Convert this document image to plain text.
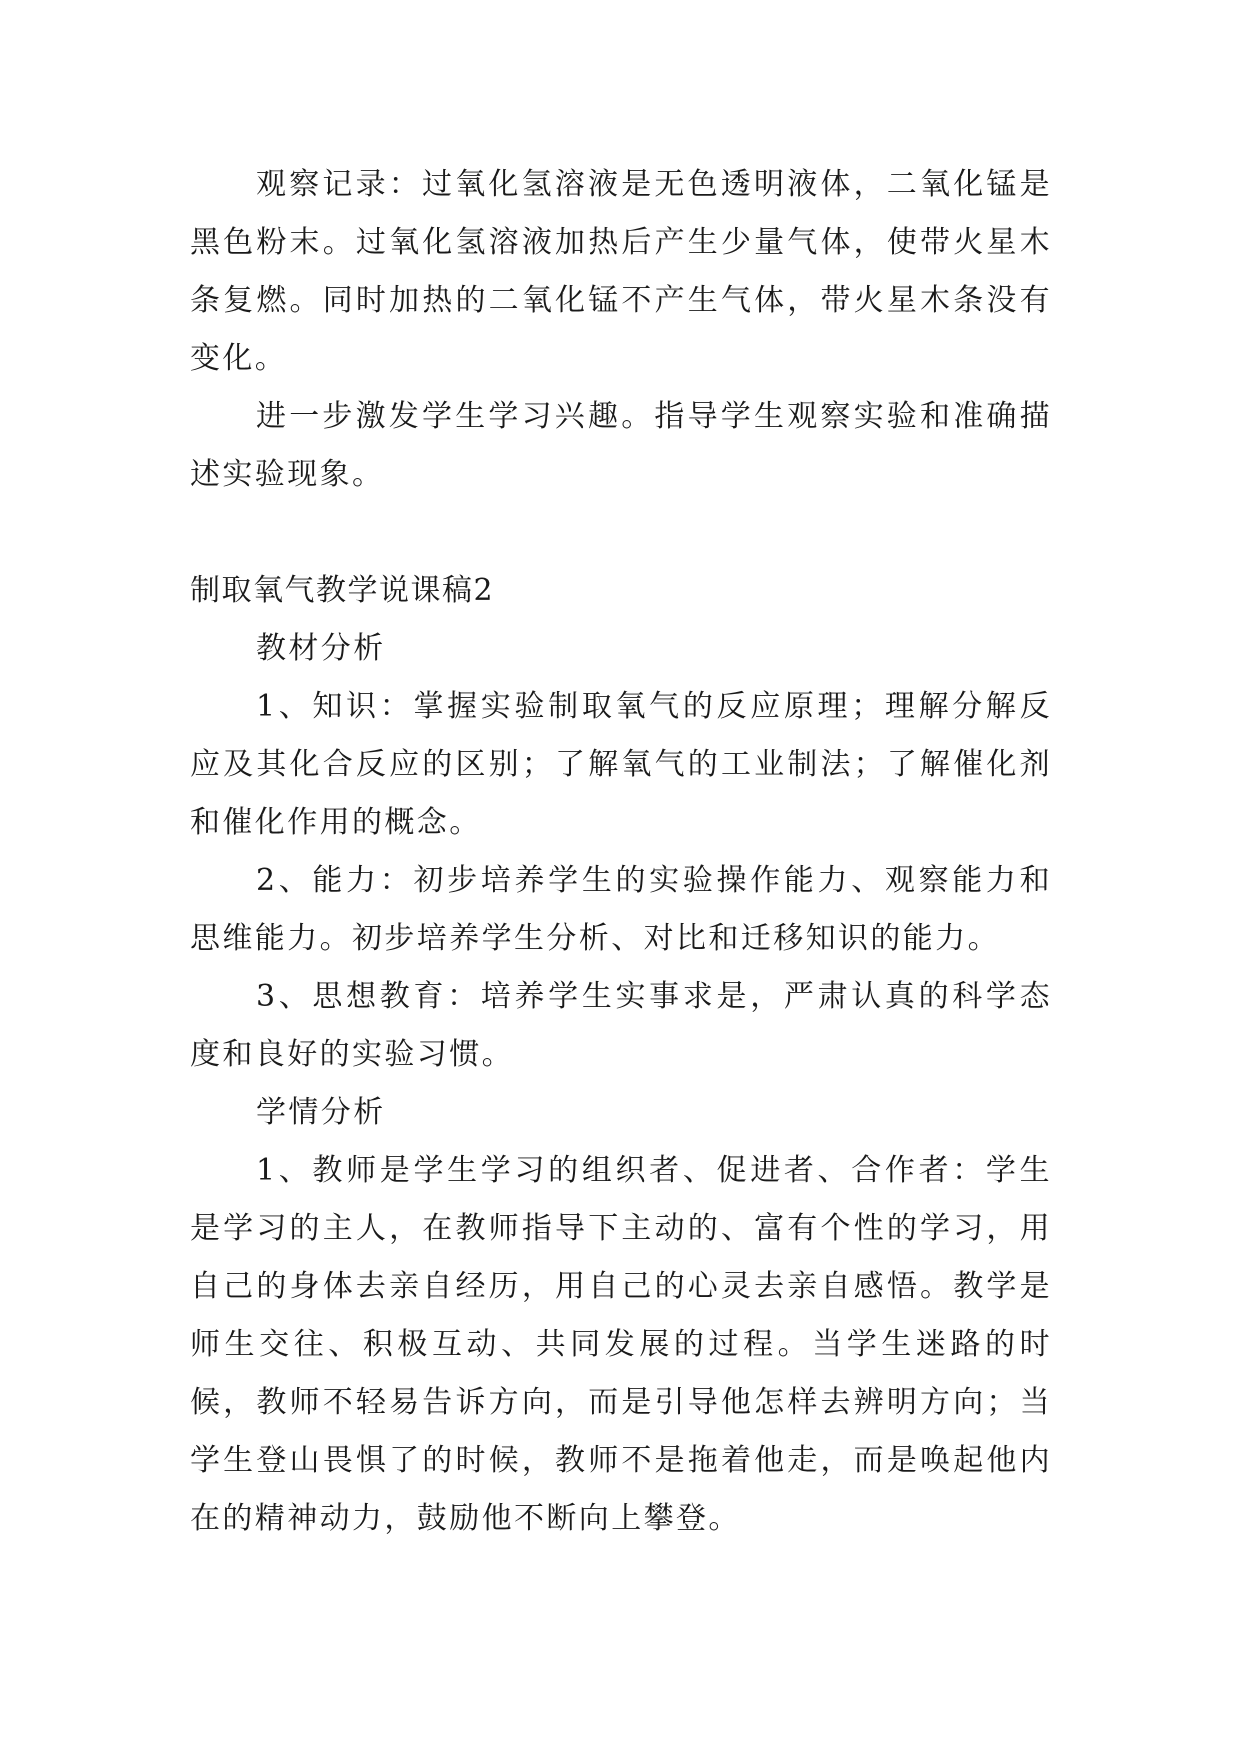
观察记录：过氧化氢溶液是无色透明液体，二氧化锰是黑色粉末。过氧化氢溶液加热后产生少量气体，使带火星木条复燃。同时加热的二氧化锰不产生气体，带火星木条没有变化。

进一步激发学生学习兴趣。指导学生观察实验和准确描述实验现象。

制取氧气教学说课稿2

教材分析

1、知识：掌握实验制取氧气的反应原理；理解分解反应及其化合反应的区别；了解氧气的工业制法；了解催化剂和催化作用的概念。

2、能力：初步培养学生的实验操作能力、观察能力和思维能力。初步培养学生分析、对比和迁移知识的能力。

3、思想教育：培养学生实事求是，严肃认真的科学态度和良好的实验习惯。

学情分析

1、教师是学生学习的组织者、促进者、合作者：学生是学习的主人，在教师指导下主动的、富有个性的学习，用自己的身体去亲自经历，用自己的心灵去亲自感悟。教学是师生交往、积极互动、共同发展的过程。当学生迷路的时候，教师不轻易告诉方向，而是引导他怎样去辨明方向；当学生登山畏惧了的时候，教师不是拖着他走，而是唤起他内在的精神动力，鼓励他不断向上攀登。
